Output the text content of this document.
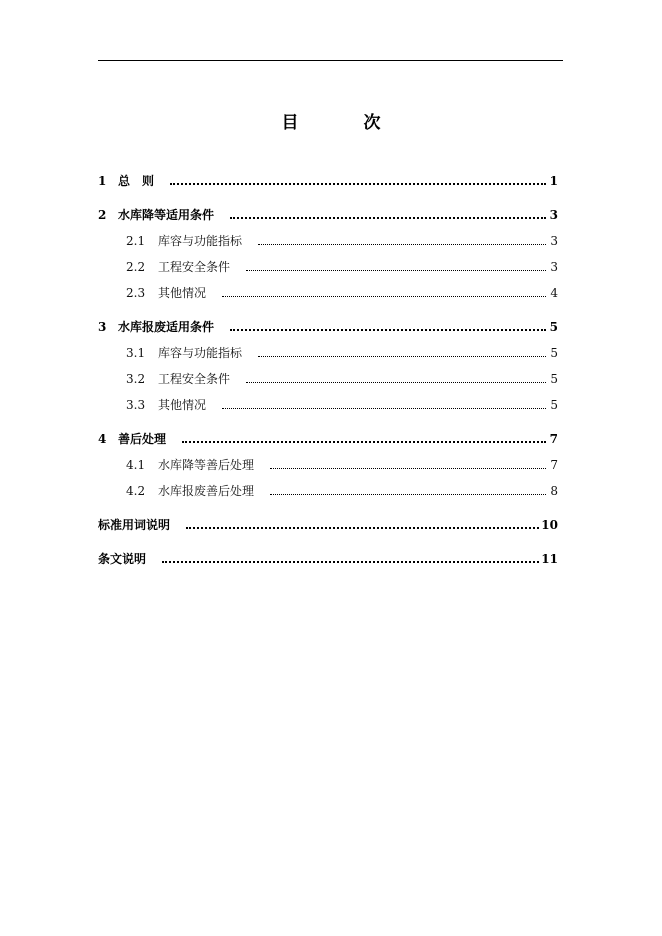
目　次
1 总　则	1
2 水库降等适用条件	3
2.1	库容与功能指标	3
2.2	工程安全条件	3
2.3	其他情况	4
3 水库报废适用条件	5
3.1	库容与功能指标	5
3.2	工程安全条件	5
3.3	其他情况	5
4 善后处理	7
4.1	水库降等善后处理	7
4.2	水库报废善后处理	8
标准用词说明	10
条文说明	11
